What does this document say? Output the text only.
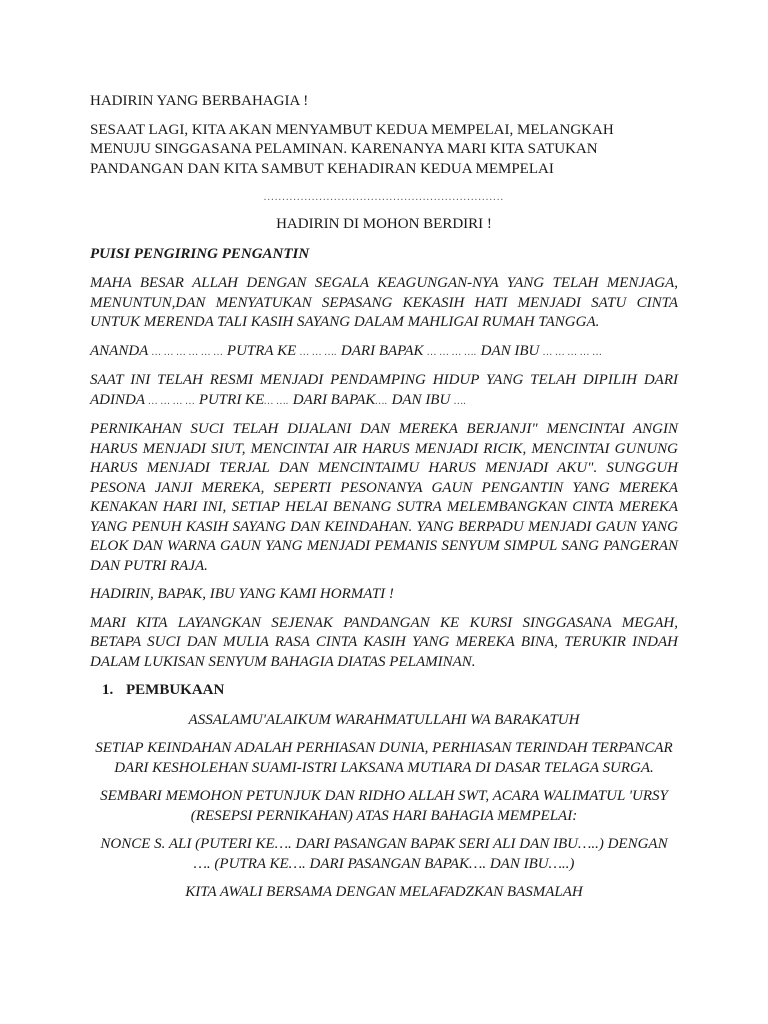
HADIRIN YANG BERBAHAGIA !

SESAAT LAGI, KITA AKAN MENYAMBUT KEDUA MEMPELAI, MELANGKAH MENUJU SINGGASANA PELAMINAN. KARENANYA MARI KITA SATUKAN PANDANGAN DAN KITA SAMBUT KEHADIRAN KEDUA MEMPELAI

.................................................................

HADIRIN DI MOHON BERDIRI !

PUISI PENGIRING PENGANTIN

MAHA BESAR ALLAH DENGAN SEGALA KEAGUNGAN-NYA YANG TELAH MENJAGA, MENUNTUN,DAN MENYATUKAN SEPASANG KEKASIH HATI MENJADI SATU CINTA UNTUK MERENDA TALI KASIH SAYANG DALAM MAHLIGAI RUMAH TANGGA.

ANANDA … … … … … … PUTRA KE … … …. DARI BAPAK … … … …. DAN IBU … … … … …

SAAT INI TELAH RESMI MENJADI PENDAMPING HIDUP YANG TELAH DIPILIH DARI
ADINDA … … … … PUTRI KE… …. DARI BAPAK…. DAN IBU ….

PERNIKAHAN SUCI TELAH DIJALANI DAN MEREKA BERJANJI" MENCINTAI ANGIN HARUS MENJADI SIUT, MENCINTAI AIR HARUS MENJADI RICIK, MENCINTAI GUNUNG HARUS MENJADI TERJAL DAN MENCINTAIMU HARUS MENJADI AKU". SUNGGUH PESONA JANJI MEREKA, SEPERTI PESONANYA GAUN PENGANTIN YANG MEREKA KENAKAN HARI INI, SETIAP HELAI BENANG SUTRA MELEMBANGKAN CINTA MEREKA YANG PENUH KASIH SAYANG DAN KEINDAHAN. YANG BERPADU MENJADI GAUN YANG ELOK DAN WARNA GAUN YANG MENJADI PEMANIS SENYUM SIMPUL SANG PANGERAN DAN PUTRI RAJA.

HADIRIN, BAPAK, IBU YANG KAMI HORMATI !

MARI KITA LAYANGKAN SEJENAK PANDANGAN KE KURSI SINGGASANA MEGAH, BETAPA SUCI DAN MULIA RASA CINTA KASIH YANG MEREKA BINA, TERUKIR INDAH DALAM LUKISAN SENYUM BAHAGIA DIATAS PELAMINAN.

1. PEMBUKAAN

ASSALAMU'ALAIKUM WARAHMATULLAHI WA BARAKATUH

SETIAP KEINDAHAN ADALAH PERHIASAN DUNIA, PERHIASAN TERINDAH TERPANCAR
DARI KESHOLEHAN SUAMI-ISTRI LAKSANA MUTIARA DI DASAR TELAGA SURGA.

SEMBARI MEMOHON PETUNJUK DAN RIDHO ALLAH SWT, ACARA WALIMATUL 'URSY
(RESEPSI PERNIKAHAN) ATAS HARI BAHAGIA MEMPELAI:

NONCE S. ALI (PUTERI KE…. DARI PASANGAN BAPAK SERI ALI DAN IBU…..) DENGAN
…. (PUTRA KE…. DARI PASANGAN BAPAK…. DAN IBU…..)

KITA AWALI BERSAMA DENGAN MELAFADZKAN BASMALAH
